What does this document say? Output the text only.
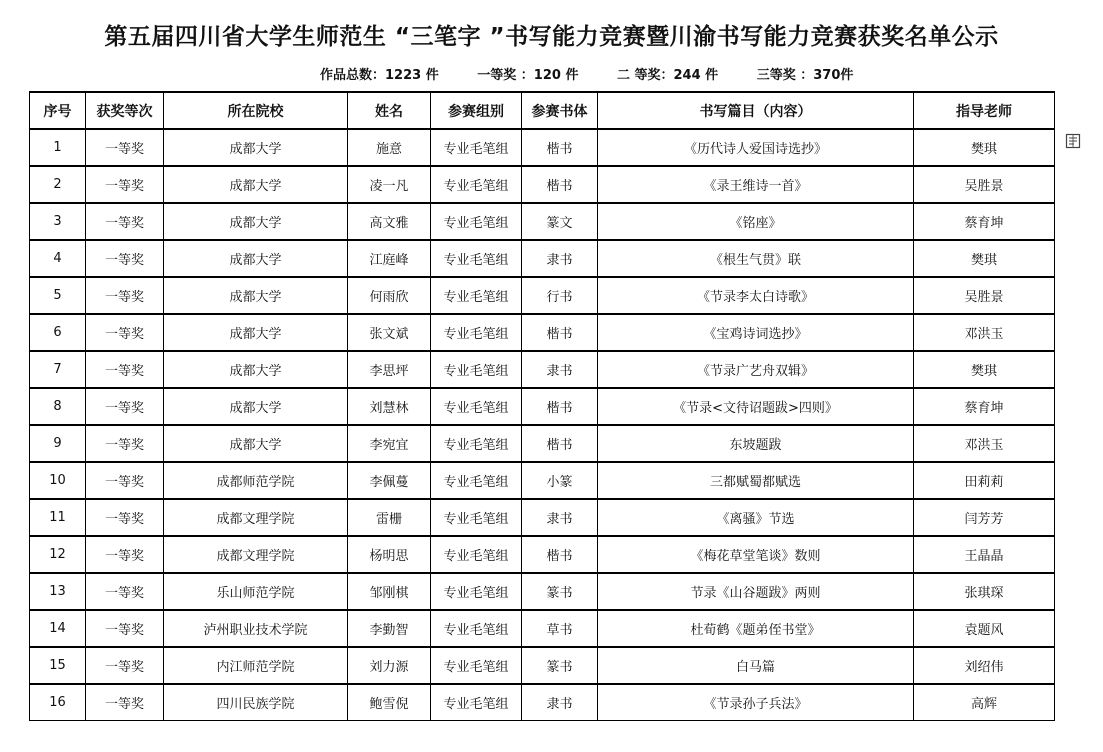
第五届四川省大学生师范生 “三笔字 ”书写能力竞赛暨川渝书写能力竞赛获奖名单公示
作品总数：1223 件	一等奖 ：120 件	二 等奖：244 件	三等奖 ：370件
序号	获奖等次	所在院校	姓名	参赛组别	参赛书体	书写篇目（内容）	指导老师
1	一等奖	成都大学	施意	专业毛笔组	楷书	《历代诗人爱国诗选抄》	樊琪
2	一等奖	成都大学	凌一凡	专业毛笔组	楷书	《录王维诗一首》	吴胜景
3	一等奖	成都大学	高文雅	专业毛笔组	篆文	《铭座》	蔡育坤
4	一等奖	成都大学	江庭峰	专业毛笔组	隶书	《根生气贯》联	樊琪
5	一等奖	成都大学	何雨欣	专业毛笔组	行书	《节录李太白诗歌》	吴胜景
6	一等奖	成都大学	张文斌	专业毛笔组	楷书	《宝鸡诗词选抄》	邓洪玉
7	一等奖	成都大学	李思坪	专业毛笔组	隶书	《节录广艺舟双辑》	樊琪
8	一等奖	成都大学	刘慧林	专业毛笔组	楷书	《节录<文待诏题跋>四则》	蔡育坤
9	一等奖	成都大学	李宛宜	专业毛笔组	楷书	东坡题跋	邓洪玉
10	一等奖	成都师范学院	李佩蔓	专业毛笔组	小篆	三都赋蜀都赋选	田莉莉
11	一等奖	成都文理学院	雷栅	专业毛笔组	隶书	《离骚》节选	闫芳芳
12	一等奖	成都文理学院	杨明思	专业毛笔组	楷书	《梅花草堂笔谈》数则	王晶晶
13	一等奖	乐山师范学院	邹刚棋	专业毛笔组	篆书	节录《山谷题跋》两则	张琪琛
14	一等奖	泸州职业技术学院	李勤智	专业毛笔组	草书	杜荀鹤《题弟侄书堂》	袁题风
15	一等奖	内江师范学院	刘力源	专业毛笔组	篆书	白马篇	刘绍伟
16	一等奖	四川民族学院	鲍雪倪	专业毛笔组	隶书	《节录孙子兵法》	高辉
